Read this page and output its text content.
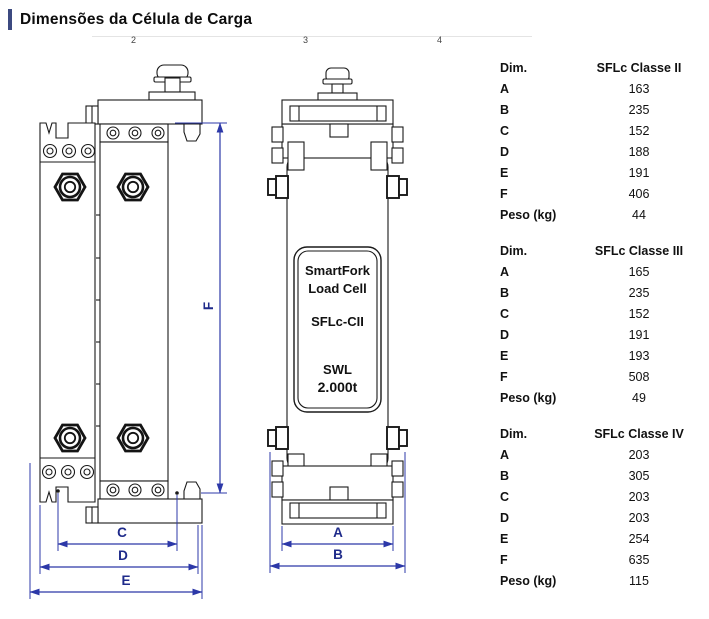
Dimensões da Célula de Carga
2	3	4
F
C
D
E
SmartFork
Load Cell
SFLc-CII
SWL
2.000t
A
B
Dim.	SFLc Classe II
A	163
B	235
C	152
D	188
E	191
F	406
Peso (kg)	44
Dim.	SFLc Classe III
A	165
B	235
C	152
D	191
E	193
F	508
Peso (kg)	49
Dim.	SFLc Classe IV
A	203
B	305
C	203
D	203
E	254
F	635
Peso (kg)	115
